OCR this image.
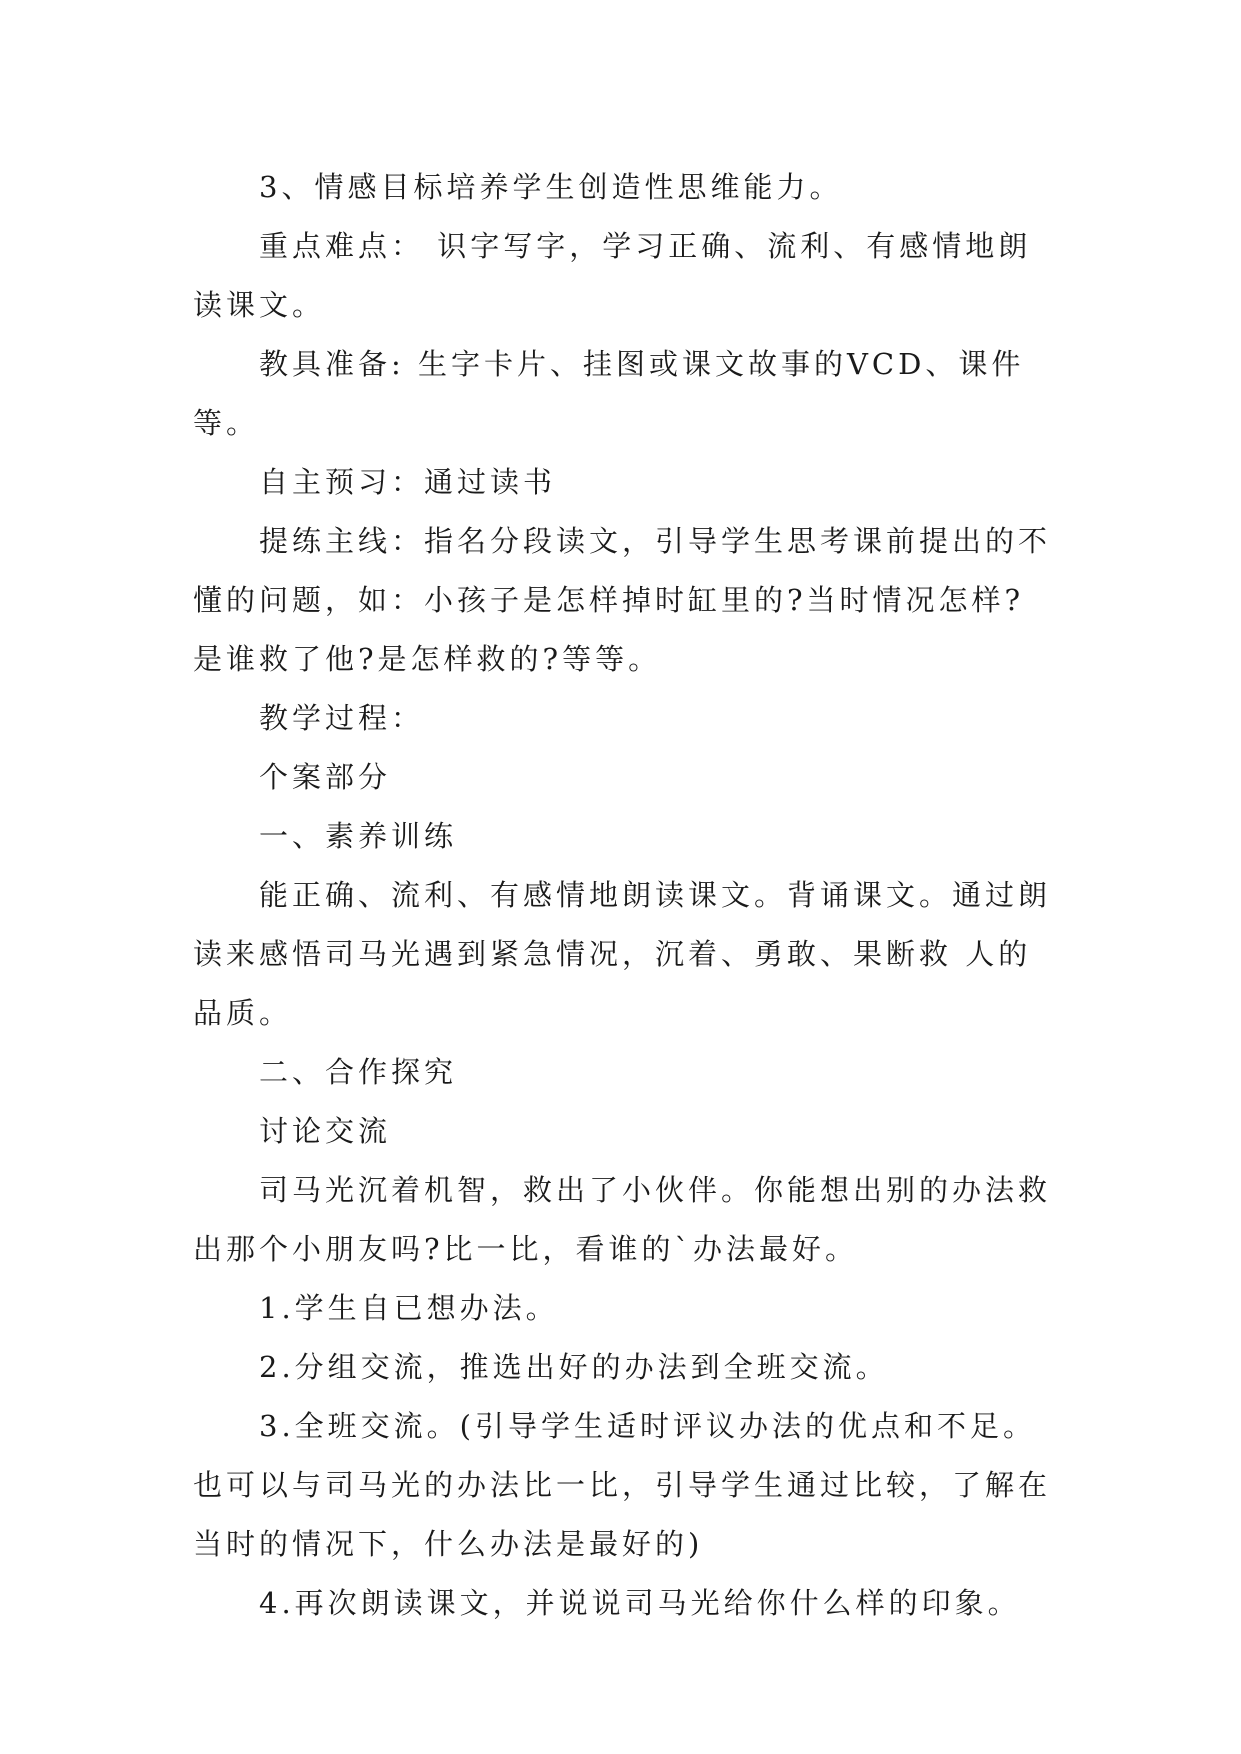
3、情感目标培养学生创造性思维能力。

重点难点： 识字写字，学习正确、流利、有感情地朗读课文。

教具准备: 生字卡片、挂图或课文故事的VCD、课件等。

自主预习：通过读书

提练主线：指名分段读文，引导学生思考课前提出的不懂的问题，如：小孩子是怎样掉时缸里的?当时情况怎样?是谁救了他?是怎样救的?等等。

教学过程：

个案部分

一、素养训练

能正确、流利、有感情地朗读课文。背诵课文。通过朗读来感悟司马光遇到紧急情况，沉着、勇敢、果断救 人的品质。

二、合作探究

讨论交流

司马光沉着机智，救出了小伙伴。你能想出别的办法救出那个小朋友吗?比一比，看谁的`办法最好。

1.学生自已想办法。

2.分组交流，推选出好的办法到全班交流。

3.全班交流。(引导学生适时评议办法的优点和不足。也可以与司马光的办法比一比，引导学生通过比较，了解在当时的情况下，什么办法是最好的)

4.再次朗读课文，并说说司马光给你什么样的印象。
